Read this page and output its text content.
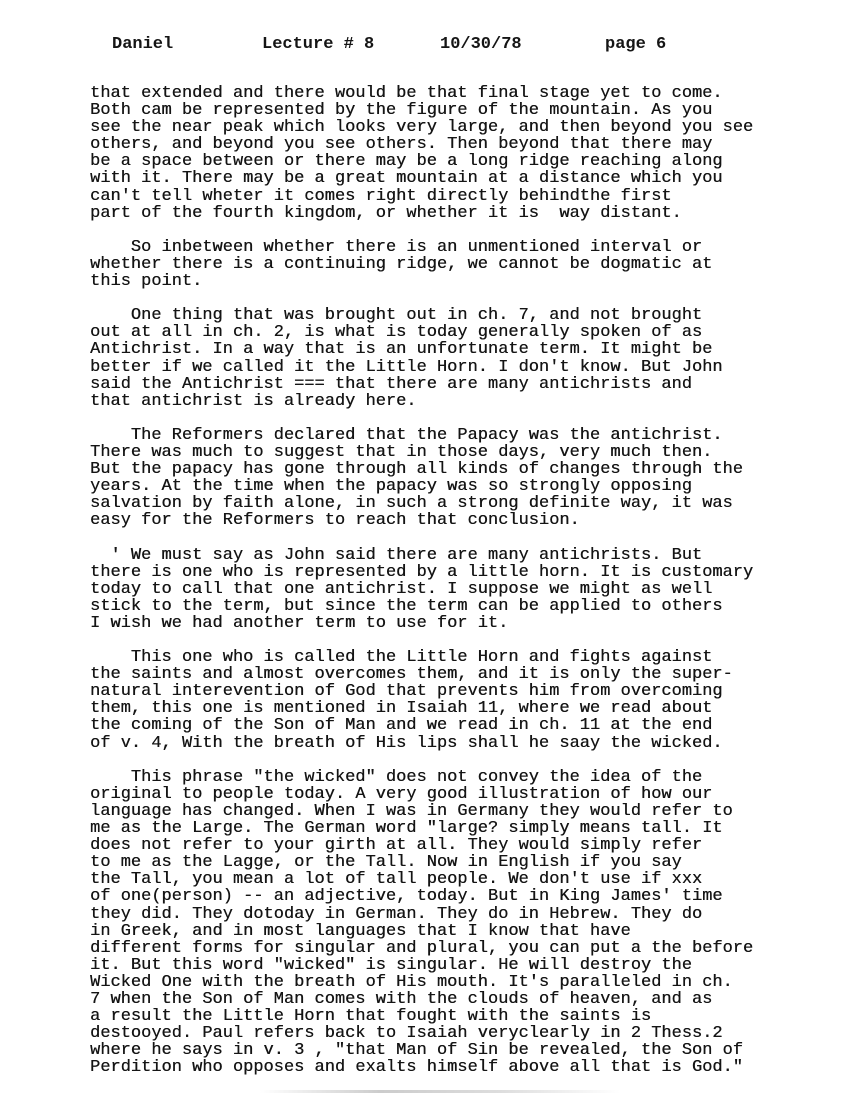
Daniel	Lecture # 8	10/30/78	page 6
that extended and there would be that final stage yet to come.
Both cam be represented by the figure of the mountain. As you
see the near peak which looks very large, and then beyond you see
others, and beyond you see others. Then beyond that there may
be a space between or there may be a long ridge reaching along
with it. There may be a great mountain at a distance which you
can't tell wheter it comes right directly behindthe first
part of the fourth kingdom, or whether it is  way distant.
So inbetween whether there is an unmentioned interval or
whether there is a continuing ridge, we cannot be dogmatic at
this point.
One thing that was brought out in ch. 7, and not brought
out at all in ch. 2, is what is today generally spoken of as
Antichrist. In a way that is an unfortunate term. It might be
better if we called it the Little Horn. I don't know. But John
said the Antichrist === that there are many antichrists and
that antichrist is already here.
The Reformers declared that the Papacy was the antichrist.
There was much to suggest that in those days, very much then.
But the papacy has gone through all kinds of changes through the
years. At the time when the papacy was so strongly opposing
salvation by faith alone, in such a strong definite way, it was
easy for the Reformers to reach that conclusion.
' We must say as John said there are many antichrists. But
there is one who is represented by a little horn. It is customary
today to call that one antichrist. I suppose we might as well
stick to the term, but since the term can be applied to others
I wish we had another term to use for it.
This one who is called the Little Horn and fights against
the saints and almost overcomes them, and it is only the super-
natural interevention of God that prevents him from overcoming
them, this one is mentioned in Isaiah 11, where we read about
the coming of the Son of Man and we read in ch. 11 at the end
of v. 4, With the breath of His lips shall he saay the wicked.
This phrase "the wicked" does not convey the idea of the
original to people today. A very good illustration of how our
language has changed. When I was in Germany they would refer to
me as the Large. The German word "large? simply means tall. It
does not refer to your girth at all. They would simply refer
to me as the Lagge, or the Tall. Now in English if you say
the Tall, you mean a lot of tall people. We don't use if xxx
of one(person) -- an adjective, today. But in King James' time
they did. They dotoday in German. They do in Hebrew. They do
in Greek, and in most languages that I know that have
different forms for singular and plural, you can put a the before
it. But this word "wicked" is singular. He will destroy the
Wicked One with the breath of His mouth. It's paralleled in ch.
7 when the Son of Man comes with the clouds of heaven, and as
a result the Little Horn that fought with the saints is
destooyed. Paul refers back to Isaiah veryclearly in 2 Thess.2
where he says in v. 3 , "that Man of Sin be revealed, the Son of
Perdition who opposes and exalts himself above all that is God."
